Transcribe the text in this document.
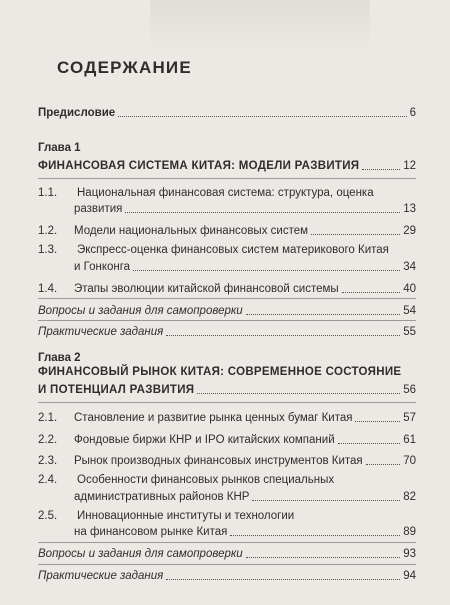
СОДЕРЖАНИЕ
Предисловие	6
Глава 1
ФИНАНСОВАЯ СИСТЕМА КИТАЯ: МОДЕЛИ РАЗВИТИЯ	12
1.1. Национальная финансовая система: структура, оценка
развития	13
1.2.	Модели национальных финансовых систем	29
1.3. Экспресс-оценка финансовых систем материкового Китая
и Гонконга	34
1.4.	Этапы эволюции китайской финансовой системы	40
Вопросы и задания для самопроверки	54
Практические задания	55
Глава 2
ФИНАНСОВЫЙ РЫНОК КИТАЯ: СОВРЕМЕННОЕ СОСТОЯНИЕ
И ПОТЕНЦИАЛ РАЗВИТИЯ	56
2.1.	Становление и развитие рынка ценных бумаг Китая	57
2.2.	Фондовые биржи КНР и IPO китайских компаний	61
2.3.	Рынок производных финансовых инструментов Китая	70
2.4. Особенности финансовых рынков специальных
административных районов КНР	82
2.5. Инновационные институты и технологии
на финансовом рынке Китая	89
Вопросы и задания для самопроверки	93
Практические задания	94
